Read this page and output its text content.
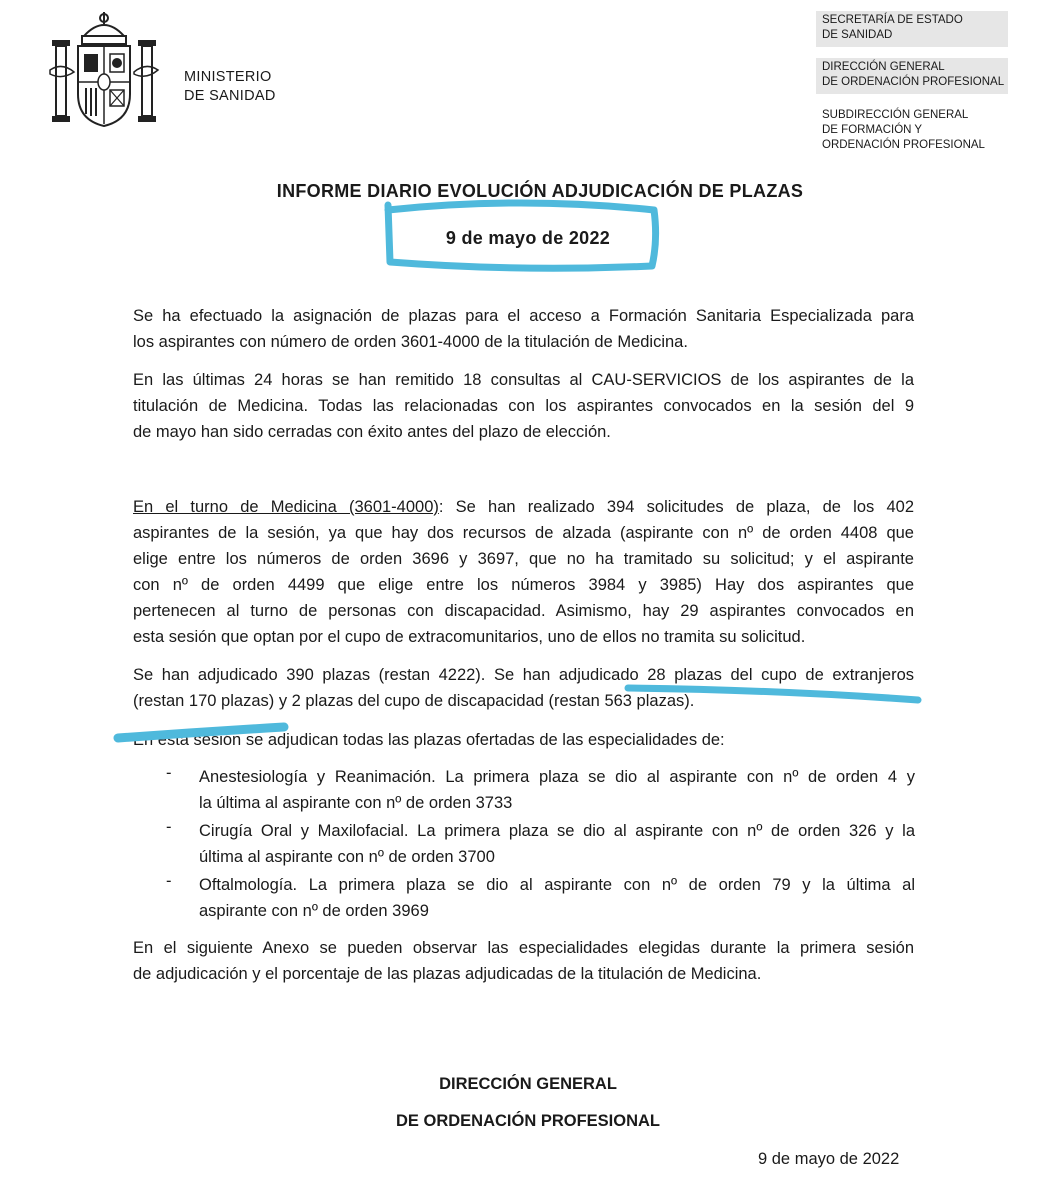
MINISTERIO
DE SANIDAD
SECRETARÍA DE ESTADO
DE SANIDAD
DIRECCIÓN GENERAL
DE ORDENACIÓN PROFESIONAL
SUBDIRECCIÓN GENERAL
DE FORMACIÓN Y
ORDENACIÓN PROFESIONAL
INFORME DIARIO EVOLUCIÓN ADJUDICACIÓN DE PLAZAS
9 de mayo de 2022
Se ha efectuado la asignación de plazas para el acceso a Formación Sanitaria Especializada para
los aspirantes con número de orden 3601-4000 de la titulación de Medicina.
En las últimas 24 horas se han remitido 18 consultas al CAU-SERVICIOS de los aspirantes de la
titulación de Medicina. Todas las relacionadas con los aspirantes convocados en la sesión del 9
de mayo han sido cerradas con éxito antes del plazo de elección.
En el turno de Medicina (3601-4000): Se han realizado 394 solicitudes de plaza, de los 402
aspirantes de la sesión, ya que hay dos recursos de alzada (aspirante con nº de orden 4408 que
elige entre los números de orden 3696 y 3697, que no ha tramitado su solicitud; y el aspirante
con nº de orden 4499 que elige entre los números 3984 y 3985) Hay dos aspirantes que
pertenecen al turno de personas con discapacidad. Asimismo, hay 29 aspirantes convocados en
esta sesión que optan por el cupo de extracomunitarios, uno de ellos no tramita su solicitud.
Se han adjudicado 390 plazas (restan 4222). Se han adjudicado 28 plazas del cupo de extranjeros
(restan 170 plazas) y 2 plazas del cupo de discapacidad (restan 563 plazas).
En esta sesión se adjudican todas las plazas ofertadas de las especialidades de:
- Anestesiología y Reanimación. La primera plaza se dio al aspirante con nº de orden 4 y
la última al aspirante con nº de orden 3733
- Cirugía Oral y Maxilofacial. La primera plaza se dio al aspirante con nº de orden 326 y la
última al aspirante con nº de orden 3700
- Oftalmología. La primera plaza se dio al aspirante con nº de orden 79 y la última al
aspirante con nº de orden 3969
En el siguiente Anexo se pueden observar las especialidades elegidas durante la primera sesión
de adjudicación y el porcentaje de las plazas adjudicadas de la titulación de Medicina.
DIRECCIÓN GENERAL
DE ORDENACIÓN PROFESIONAL
9 de mayo de 2022
